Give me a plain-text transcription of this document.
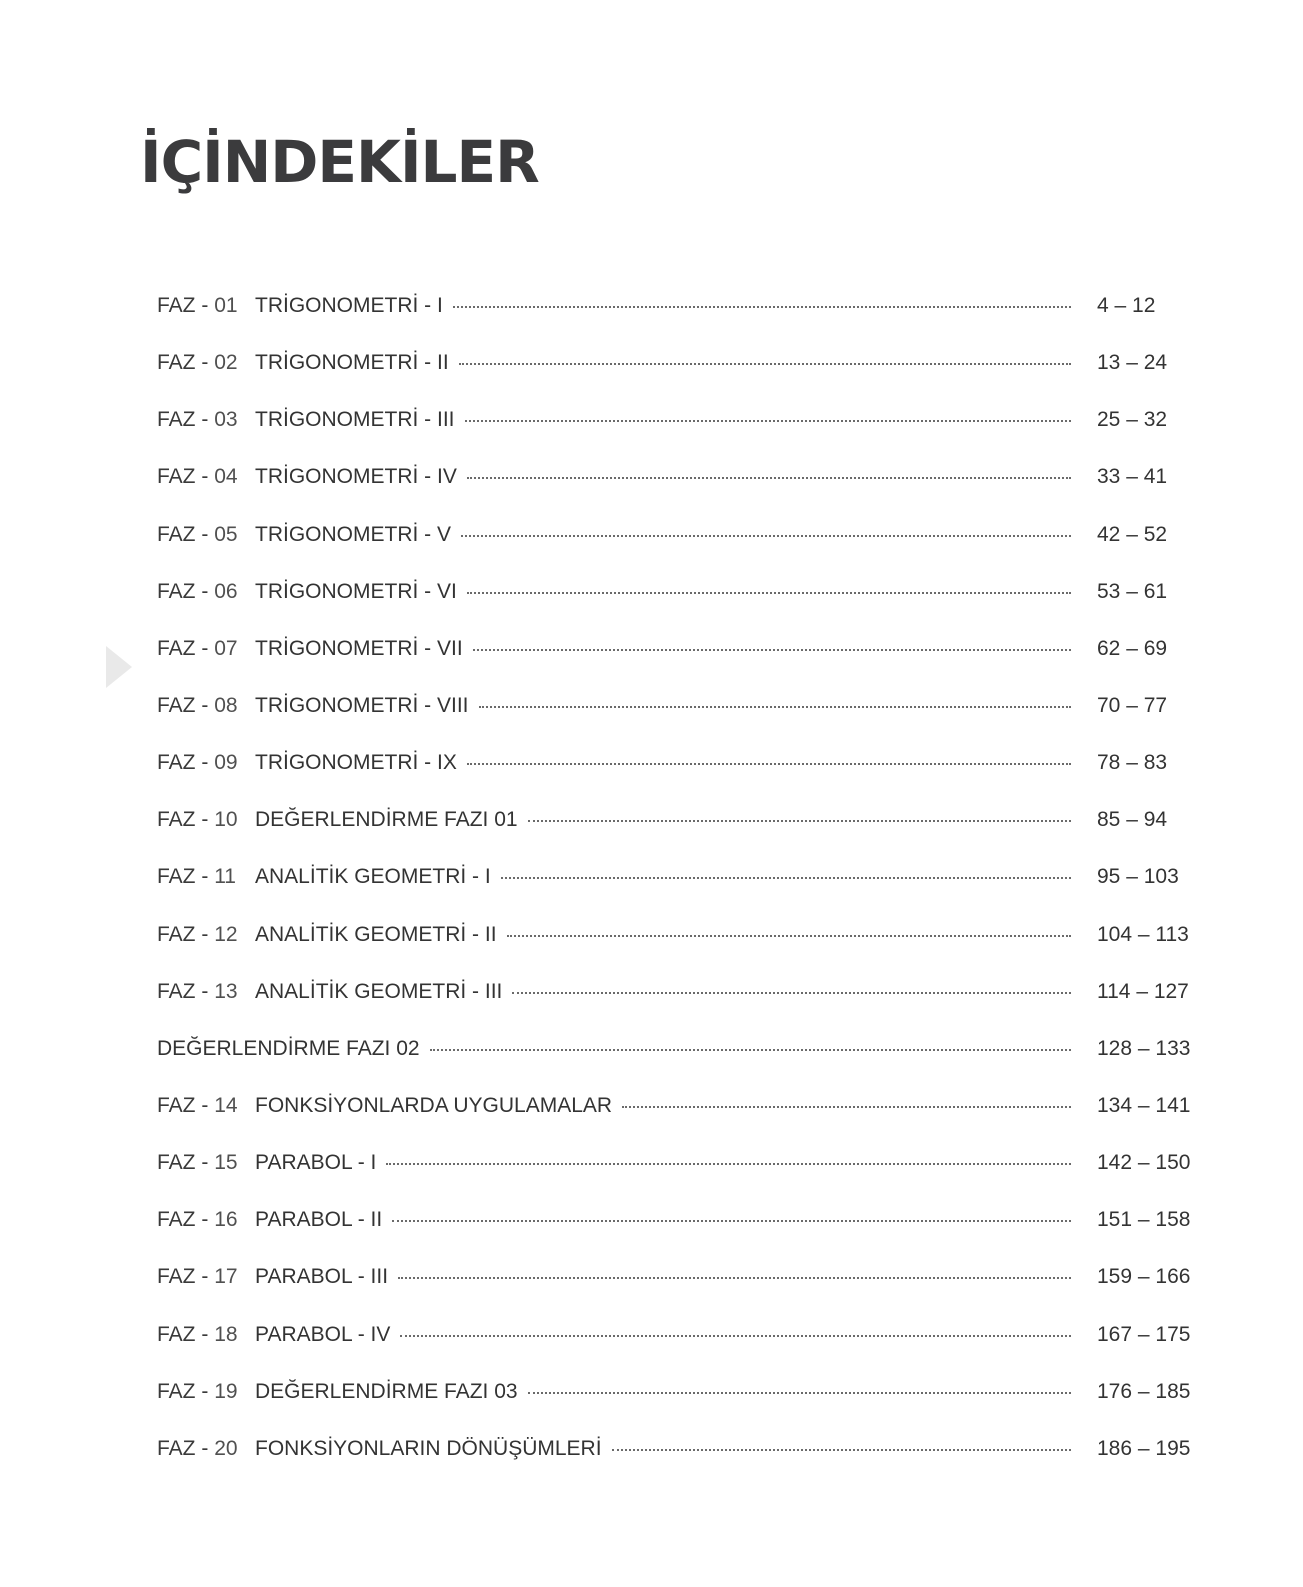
İÇİNDEKİLER
FAZ - 01 TRİGONOMETRİ - I	4 – 12
FAZ - 02 TRİGONOMETRİ - II	13 – 24
FAZ - 03 TRİGONOMETRİ - III	25 – 32
FAZ - 04 TRİGONOMETRİ - IV	33 – 41
FAZ - 05 TRİGONOMETRİ - V	42 – 52
FAZ - 06 TRİGONOMETRİ - VI	53 – 61
FAZ - 07 TRİGONOMETRİ - VII	62 – 69
FAZ - 08 TRİGONOMETRİ - VIII	70 – 77
FAZ - 09 TRİGONOMETRİ - IX	78 – 83
FAZ - 10 DEĞERLENDİRME FAZI 01	85 – 94
FAZ - 11 ANALİTİK GEOMETRİ - I	95 – 103
FAZ - 12 ANALİTİK GEOMETRİ - II	104 – 113
FAZ - 13 ANALİTİK GEOMETRİ - III	114 – 127
DEĞERLENDİRME FAZI 02	128 – 133
FAZ - 14 FONKSİYONLARDA UYGULAMALAR	134 – 141
FAZ - 15 PARABOL - I	142 – 150
FAZ - 16 PARABOL - II	151 – 158
FAZ - 17 PARABOL - III	159 – 166
FAZ - 18 PARABOL - IV	167 – 175
FAZ - 19 DEĞERLENDİRME FAZI 03	176 – 185
FAZ - 20 FONKSİYONLARIN DÖNÜŞÜMLERİ	186 – 195
